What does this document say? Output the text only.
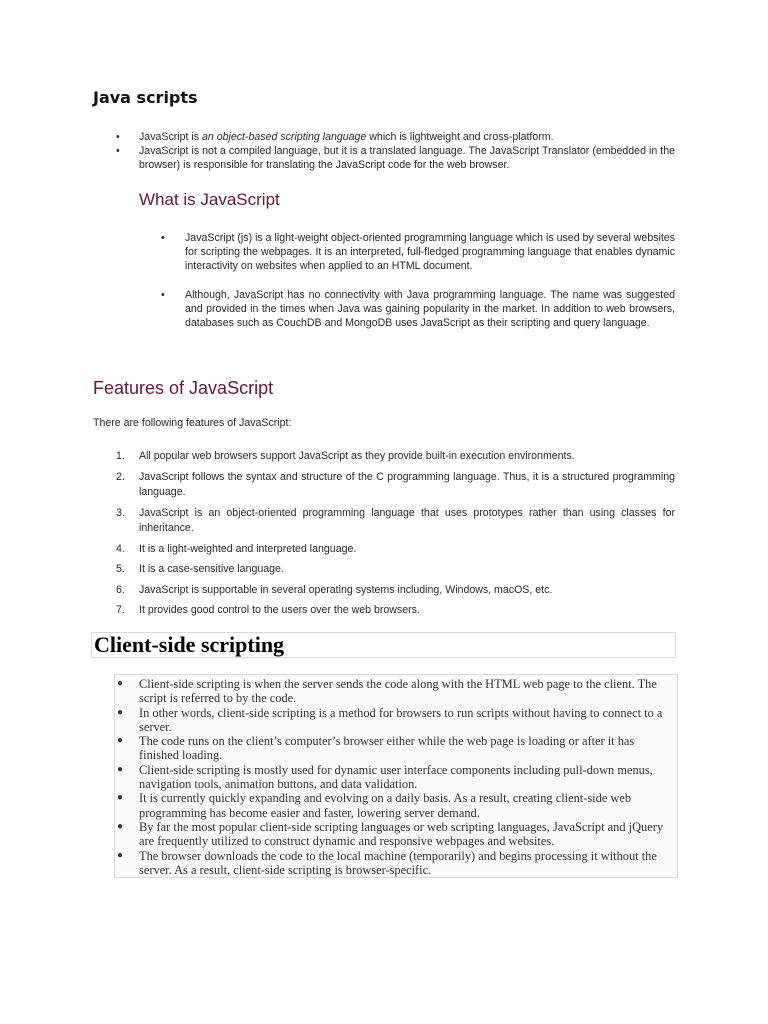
Java scripts
• JavaScript is an object-based scripting language which is lightweight and cross-platform.
• JavaScript is not a compiled language, but it is a translated language. The JavaScript Translator (embedded in the browser) is responsible for translating the JavaScript code for the web browser.
What is JavaScript
• JavaScript (js) is a light-weight object-oriented programming language which is used by several websites for scripting the webpages. It is an interpreted, full-fledged programming language that enables dynamic interactivity on websites when applied to an HTML document.
• Although, JavaScript has no connectivity with Java programming language. The name was suggested and provided in the times when Java was gaining popularity in the market. In addition to web browsers, databases such as CouchDB and MongoDB uses JavaScript as their scripting and query language.
Features of JavaScript

There are following features of JavaScript:

1. All popular web browsers support JavaScript as they provide built-in execution environments.
2. JavaScript follows the syntax and structure of the C programming language. Thus, it is a structured programming language.
3. JavaScript is an object-oriented programming language that uses prototypes rather than using classes for inheritance.
4. It is a light-weighted and interpreted language.
5. It is a case-sensitive language.
6. JavaScript is supportable in several operating systems including, Windows, macOS, etc.
7. It provides good control to the users over the web browsers.
Client-side scripting
● Client-side scripting is when the server sends the code along with the HTML web page to the client. The script is referred to by the code.
● In other words, client-side scripting is a method for browsers to run scripts without having to connect to a server.
● The code runs on the client’s computer’s browser either while the web page is loading or after it has finished loading.
● Client-side scripting is mostly used for dynamic user interface components including pull-down menus, navigation tools, animation buttons, and data validation.
● It is currently quickly expanding and evolving on a daily basis. As a result, creating client-side web programming has become easier and faster, lowering server demand.
● By far the most popular client-side scripting languages or web scripting languages, JavaScript and jQuery are frequently utilized to construct dynamic and responsive webpages and websites.
● The browser downloads the code to the local machine (temporarily) and begins processing it without the server. As a result, client-side scripting is browser-specific.
